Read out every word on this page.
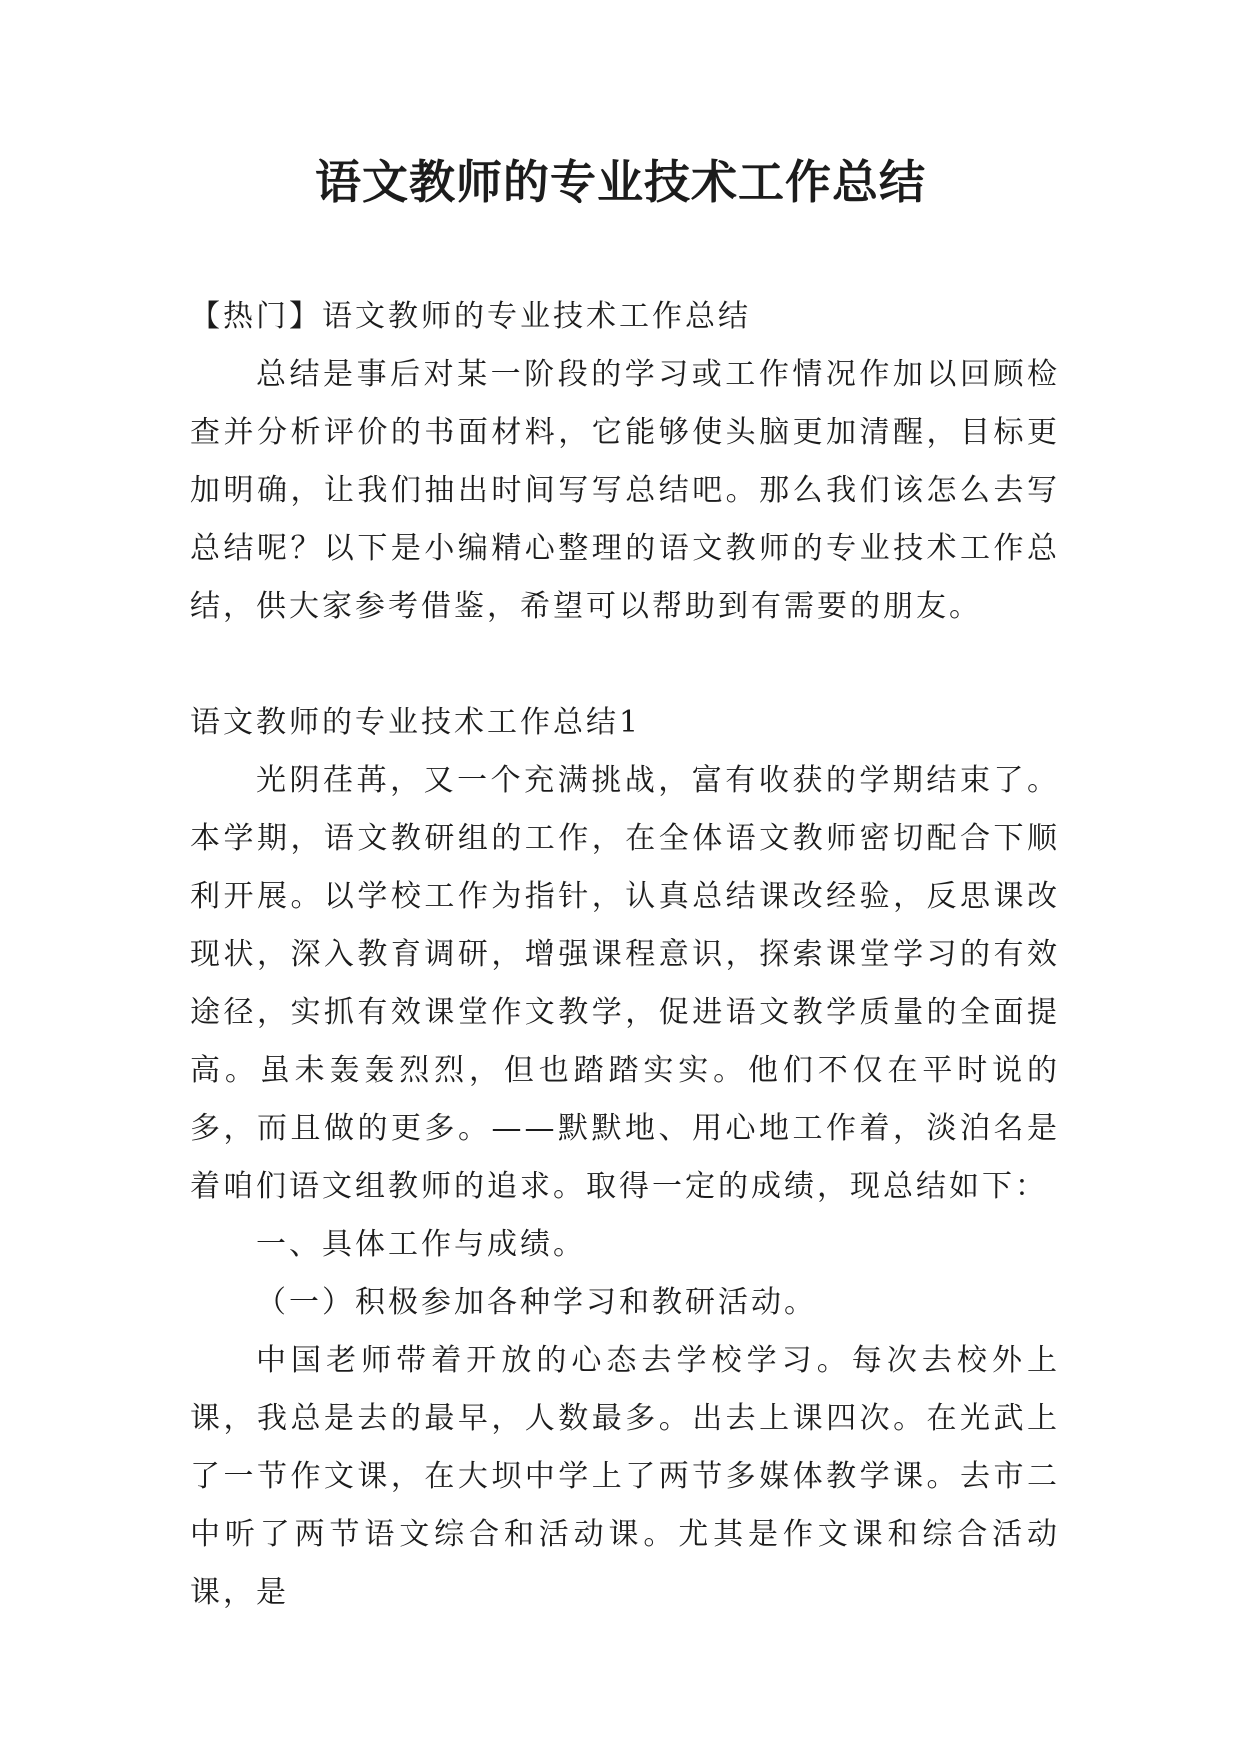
语文教师的专业技术工作总结

【热门】语文教师的专业技术工作总结

总结是事后对某一阶段的学习或工作情况作加以回顾检查并分析评价的书面材料，它能够使头脑更加清醒，目标更加明确，让我们抽出时间写写总结吧。那么我们该怎么去写总结呢？以下是小编精心整理的语文教师的专业技术工作总结，供大家参考借鉴，希望可以帮助到有需要的朋友。

语文教师的专业技术工作总结1

光阴荏苒，又一个充满挑战，富有收获的学期结束了。本学期，语文教研组的工作，在全体语文教师密切配合下顺利开展。以学校工作为指针，认真总结课改经验，反思课改现状，深入教育调研，增强课程意识，探索课堂学习的有效途径，实抓有效课堂作文教学，促进语文教学质量的全面提高。虽未轰轰烈烈，但也踏踏实实。他们不仅在平时说的多，而且做的更多。——默默地、用心地工作着，淡泊名是着咱们语文组教师的追求。取得一定的成绩，现总结如下：

一、具体工作与成绩。

（一）积极参加各种学习和教研活动。

中国老师带着开放的心态去学校学习。每次去校外上课，我总是去的最早，人数最多。出去上课四次。在光武上了一节作文课，在大坝中学上了两节多媒体教学课。去市二中听了两节语文综合和活动课。尤其是作文课和综合活动课，是
